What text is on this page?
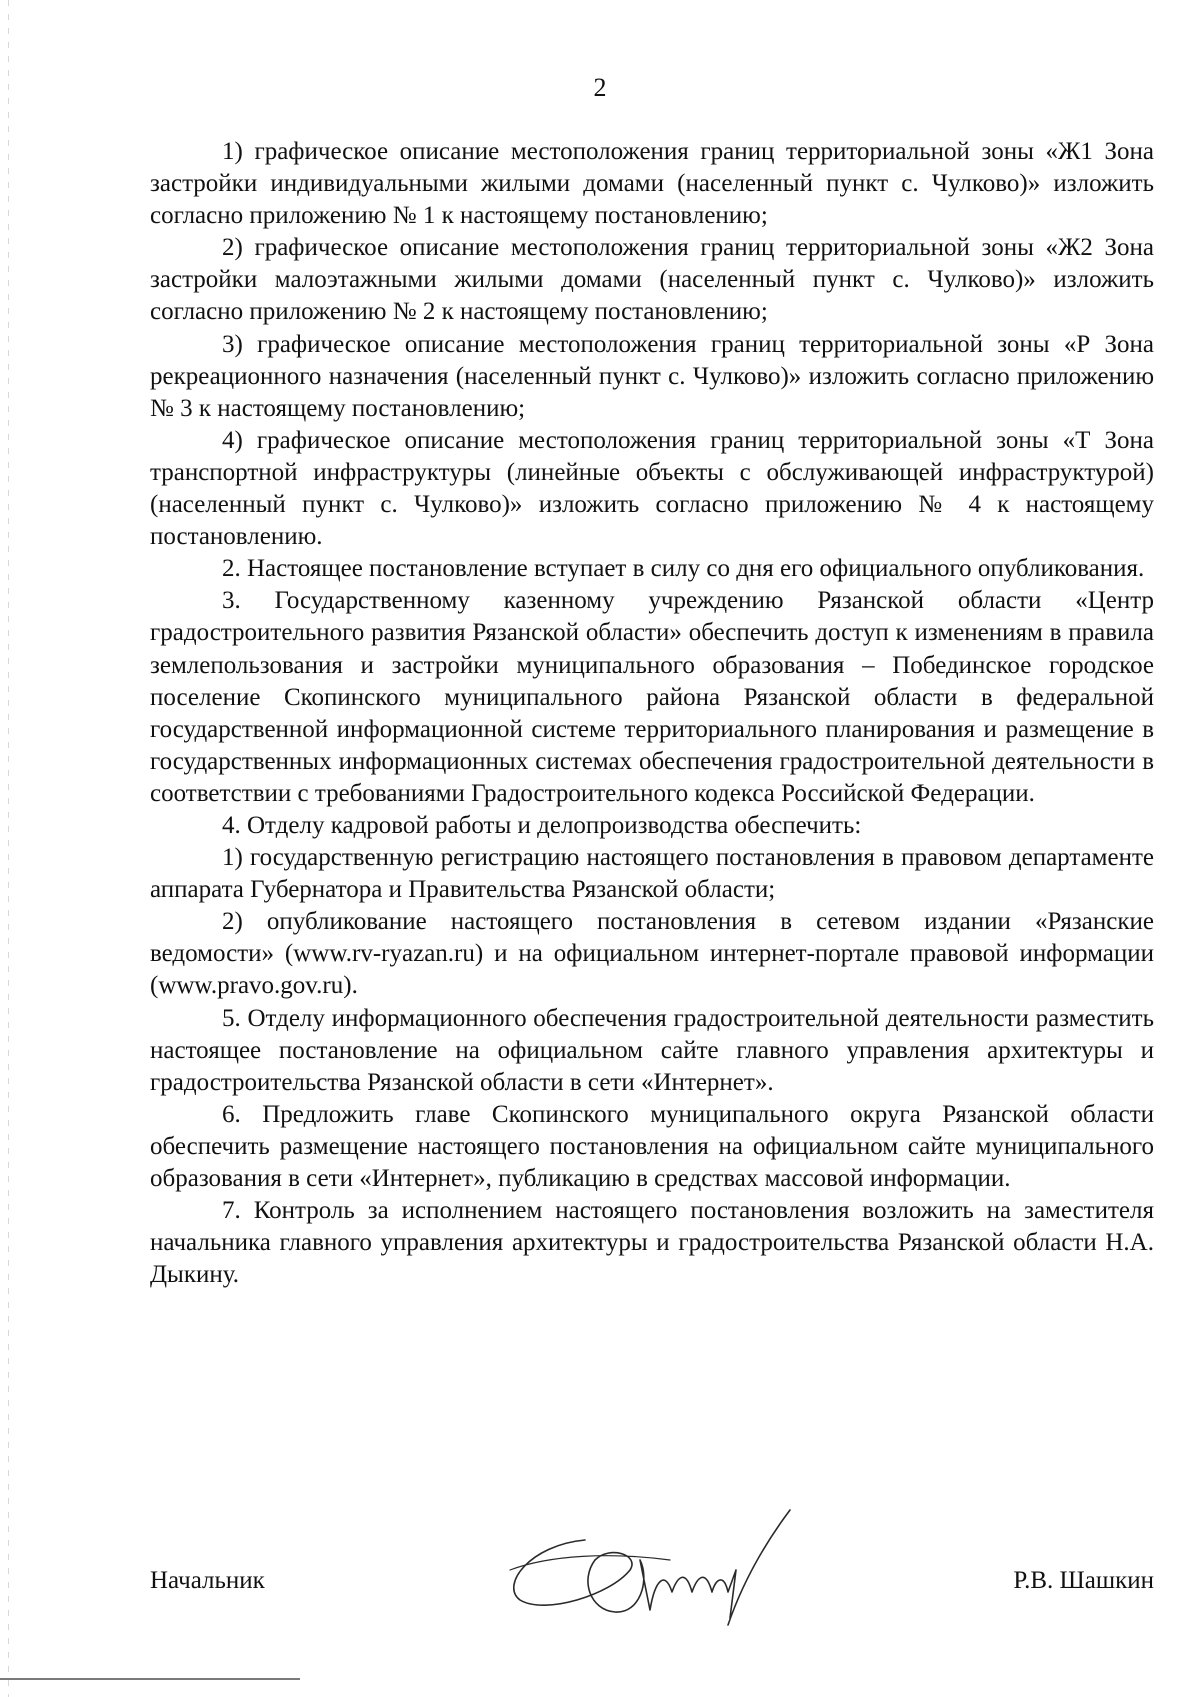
2

1) графическое описание местоположения границ территориальной зоны «Ж1 Зона застройки индивидуальными жилыми домами (населенный пункт с. Чулково)» изложить согласно приложению № 1 к настоящему постановлению;

2) графическое описание местоположения границ территориальной зоны «Ж2 Зона застройки малоэтажными жилыми домами (населенный пункт с. Чулково)» изложить согласно приложению № 2 к настоящему постановлению;

3) графическое описание местоположения границ территориальной зоны «Р Зона рекреационного назначения (населенный пункт с. Чулково)» изложить согласно приложению № 3 к настоящему постановлению;

4) графическое описание местоположения границ территориальной зоны «Т Зона транспортной инфраструктуры (линейные объекты с обслуживающей инфраструктурой) (населенный пункт с. Чулково)» изложить согласно приложению № 4 к настоящему постановлению.

2. Настоящее постановление вступает в силу со дня его официального опубликования.

3. Государственному казенному учреждению Рязанской области «Центр градостроительного развития Рязанской области» обеспечить доступ к изменениям в правила землепользования и застройки муниципального образования – Побединское городское поселение Скопинского муниципального района Рязанской области в федеральной государственной информационной системе территориального планирования и размещение в государственных информационных системах обеспечения градостроительной деятельности в соответствии с требованиями Градостроительного кодекса Российской Федерации.

4. Отделу кадровой работы и делопроизводства обеспечить:

1) государственную регистрацию настоящего постановления в правовом департаменте аппарата Губернатора и Правительства Рязанской области;

2) опубликование настоящего постановления в сетевом издании «Рязанские ведомости» (www.rv-ryazan.ru) и на официальном интернет-портале правовой информации (www.pravo.gov.ru).

5. Отделу информационного обеспечения градостроительной деятельности разместить настоящее постановление на официальном сайте главного управления архитектуры и градостроительства Рязанской области в сети «Интернет».

6. Предложить главе Скопинского муниципального округа Рязанской области обеспечить размещение настоящего постановления на официальном сайте муниципального образования в сети «Интернет», публикацию в средствах массовой информации.

7. Контроль за исполнением настоящего постановления возложить на заместителя начальника главного управления архитектуры и градостроительства Рязанской области Н.А. Дыкину.

Начальник	Р.В. Шашкин
